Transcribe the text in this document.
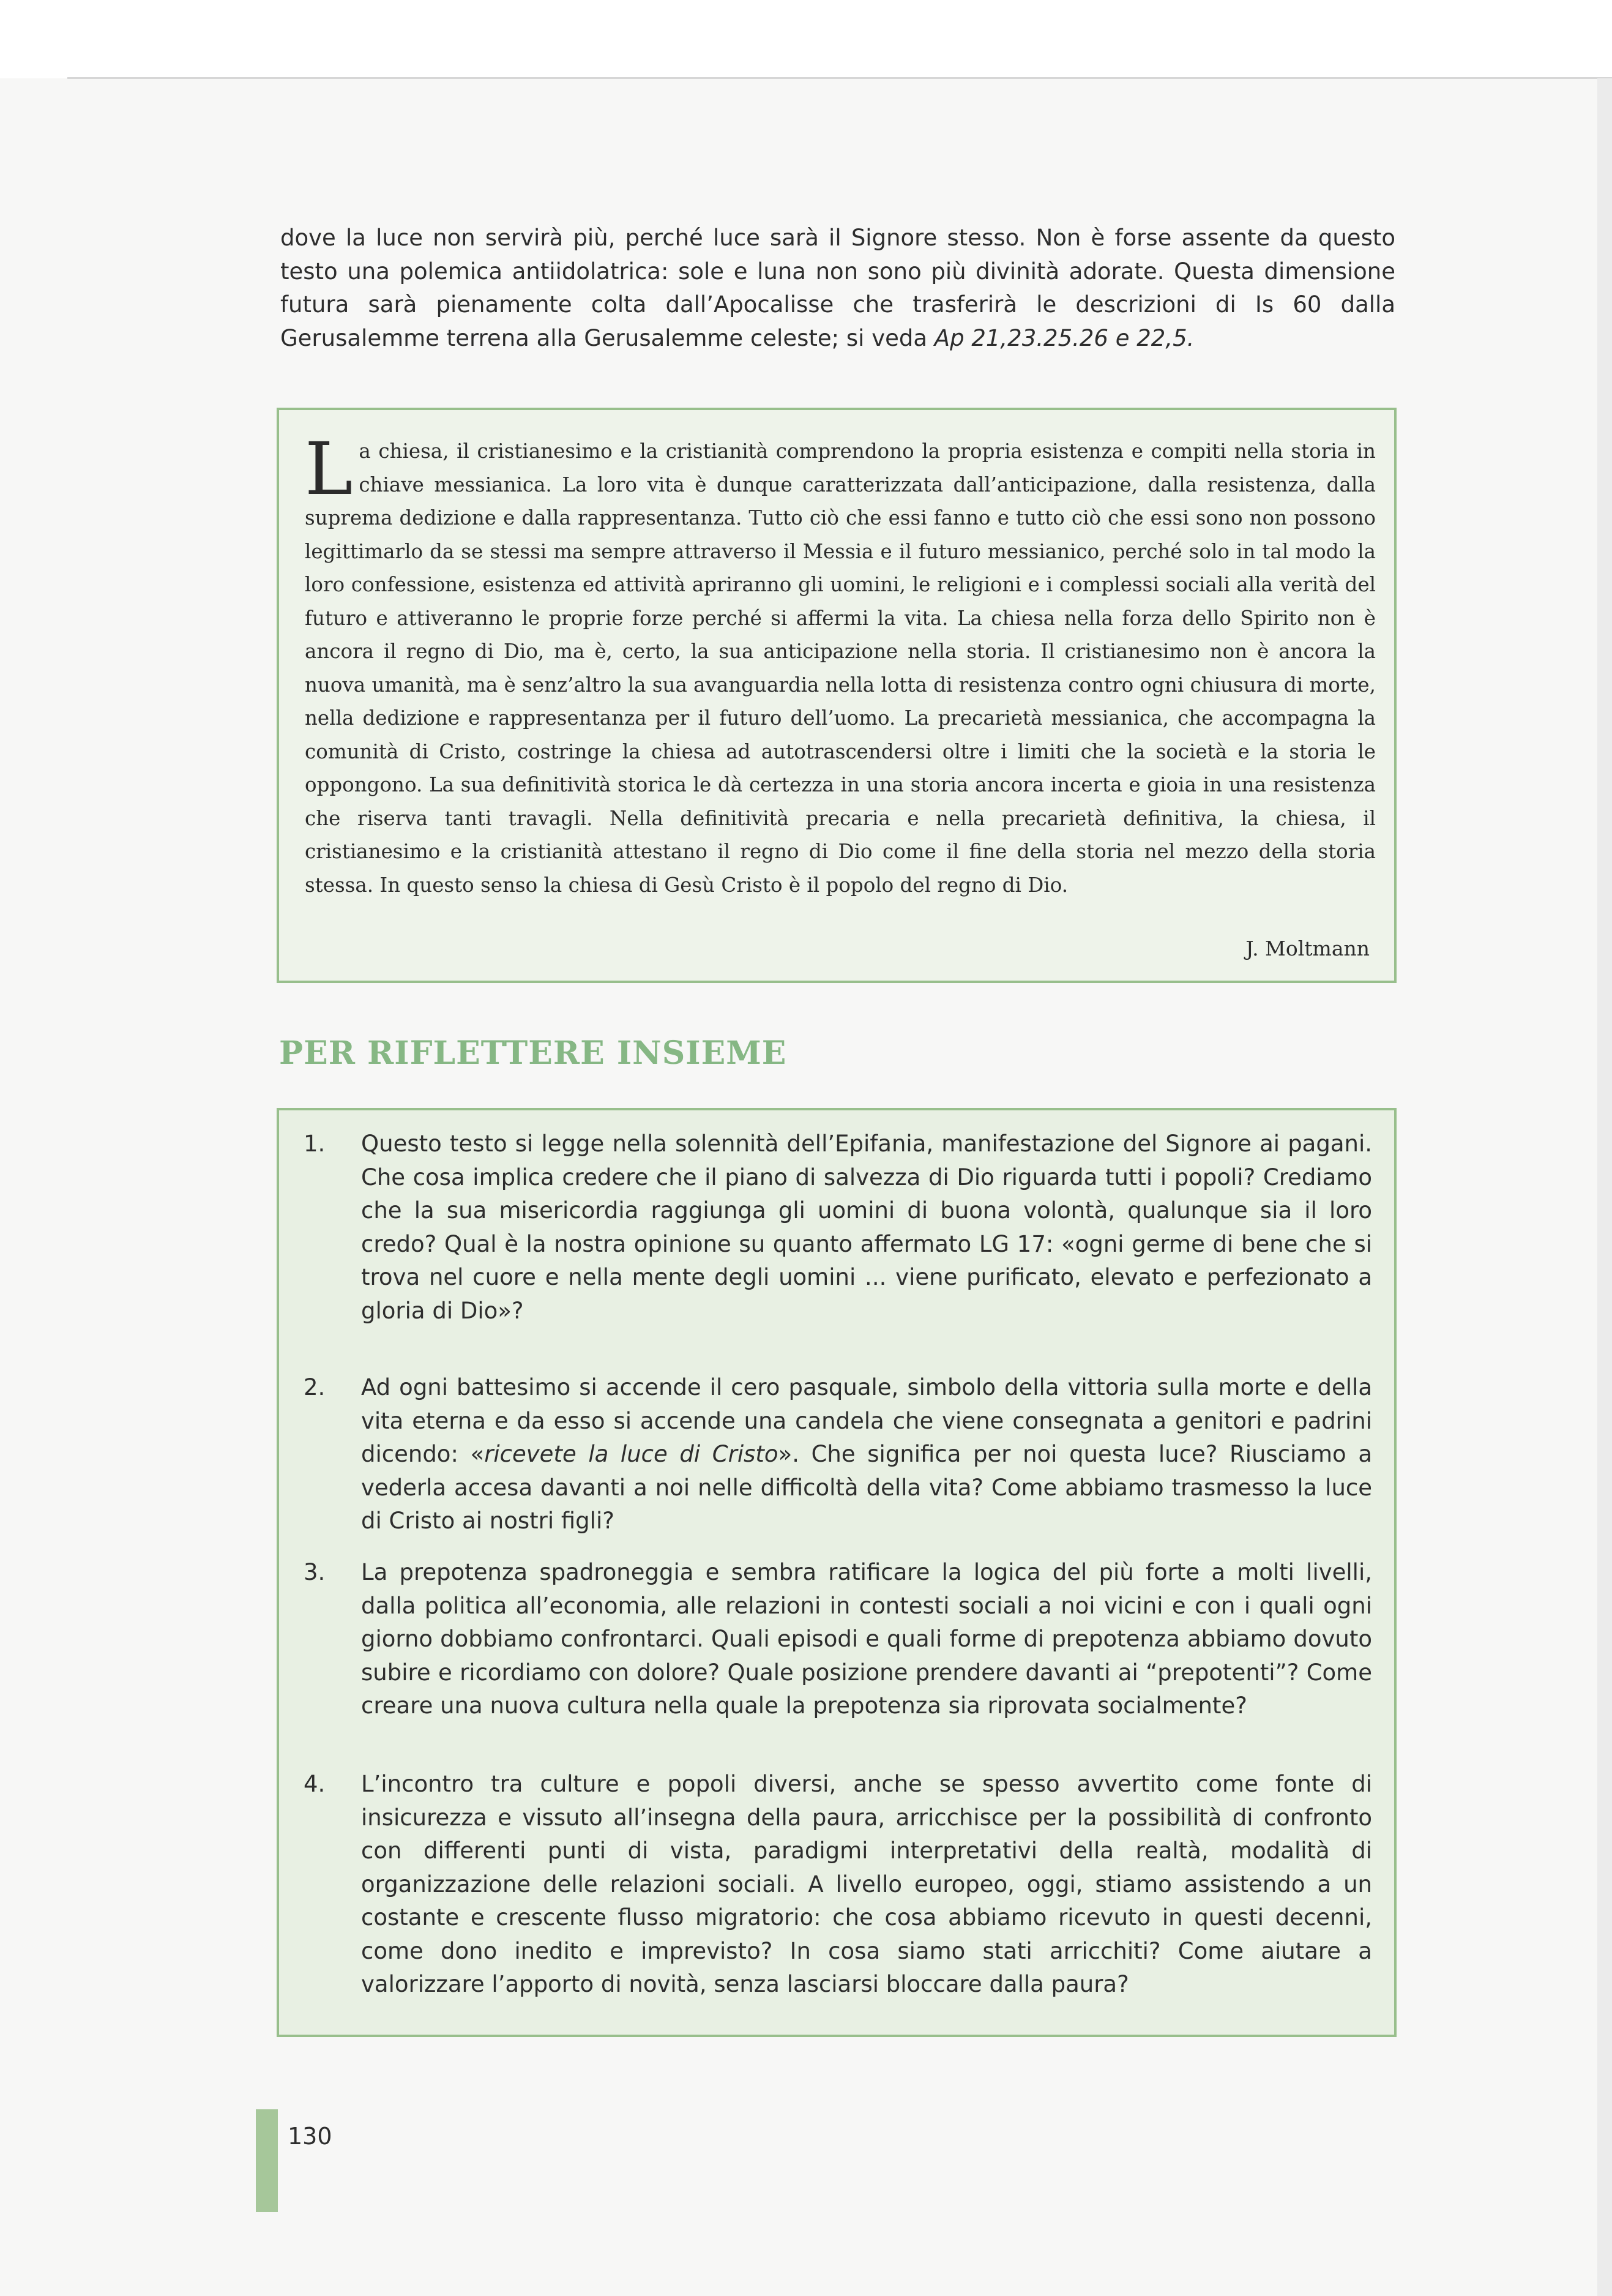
dove la luce non servirà più, perché luce sarà il Signore stesso. Non è forse assente da questo testo una polemica antiidolatrica: sole e luna non sono più divinità adorate. Questa dimensione futura sarà pienamente colta dall’Apocalisse che trasferirà le descrizioni di Is 60 dalla Gerusalemme terrena alla Gerusalemme celeste; si veda Ap 21,23.25.26 e 22,5.

La chiesa, il cristianesimo e la cristianità comprendono la propria esistenza e compiti nella storia in chiave messianica. La loro vita è dunque caratterizzata dall’anticipazione, dalla resistenza, dalla suprema dedizione e dalla rappresentanza. Tutto ciò che essi fanno e tutto ciò che essi sono non possono legittimarlo da se stessi ma sempre attraverso il Messia e il futuro messianico, perché solo in tal modo la loro confessione, esistenza ed attività apriranno gli uomini, le religioni e i complessi sociali alla verità del futuro e attiveranno le proprie forze perché si affermi la vita. La chiesa nella forza dello Spirito non è ancora il regno di Dio, ma è, certo, la sua anticipazione nella storia. Il cristianesimo non è ancora la nuova umanità, ma è senz’altro la sua avanguardia nella lotta di resistenza contro ogni chiusura di morte, nella dedizione e rappresentanza per il futuro dell’uomo. La precarietà messianica, che accompagna la comunità di Cristo, costringe la chiesa ad autotrascendersi oltre i limiti che la società e la storia le oppongono. La sua definitività storica le dà certezza in una storia ancora incerta e gioia in una resistenza che riserva tanti travagli. Nella definitività precaria e nella precarietà definitiva, la chiesa, il cristianesimo e la cristianità attestano il regno di Dio come il fine della storia nel mezzo della storia stessa. In questo senso la chiesa di Gesù Cristo è il popolo del regno di Dio.

J. Moltmann

PER RIFLETTERE INSIEME
1.	Questo testo si legge nella solennità dell’Epifania, manifestazione del Signore ai pagani. Che cosa implica credere che il piano di salvezza di Dio riguarda tutti i popoli? Crediamo che la sua misericordia raggiunga gli uomini di buona volontà, qualunque sia il loro credo? Qual è la nostra opinione su quanto affermato LG 17: «ogni germe di bene che si trova nel cuore e nella mente degli uomini ... viene purificato, elevato e perfezionato a gloria di Dio»?

2.	Ad ogni battesimo si accende il cero pasquale, simbolo della vittoria sulla morte e della vita eterna e da esso si accende una candela che viene consegnata a genitori e padrini dicendo: «ricevete la luce di Cristo». Che significa per noi questa luce? Riusciamo a vederla accesa davanti a noi nelle difficoltà della vita? Come abbiamo trasmesso la luce di Cristo ai nostri figli?

3.	La prepotenza spadroneggia e sembra ratificare la logica del più forte a molti livelli, dalla politica all’economia, alle relazioni in contesti sociali a noi vicini e con i quali ogni giorno dobbiamo confrontarci. Quali episodi e quali forme di prepotenza abbiamo dovuto subire e ricordiamo con dolore? Quale posizione prendere davanti ai “prepotenti”? Come creare una nuova cultura nella quale la prepotenza sia riprovata socialmente?

4.	L’incontro tra culture e popoli diversi, anche se spesso avvertito come fonte di insicurezza e vissuto all’insegna della paura, arricchisce per la possibilità di confronto con differenti punti di vista, paradigmi interpretativi della realtà, modalità di organizzazione delle relazioni sociali. A livello europeo, oggi, stiamo assistendo a un costante e crescente flusso migratorio: che cosa abbiamo ricevuto in questi decenni, come dono inedito e imprevisto? In cosa siamo stati arricchiti? Come aiutare a valorizzare l’apporto di novità, senza lasciarsi bloccare dalla paura?

130
